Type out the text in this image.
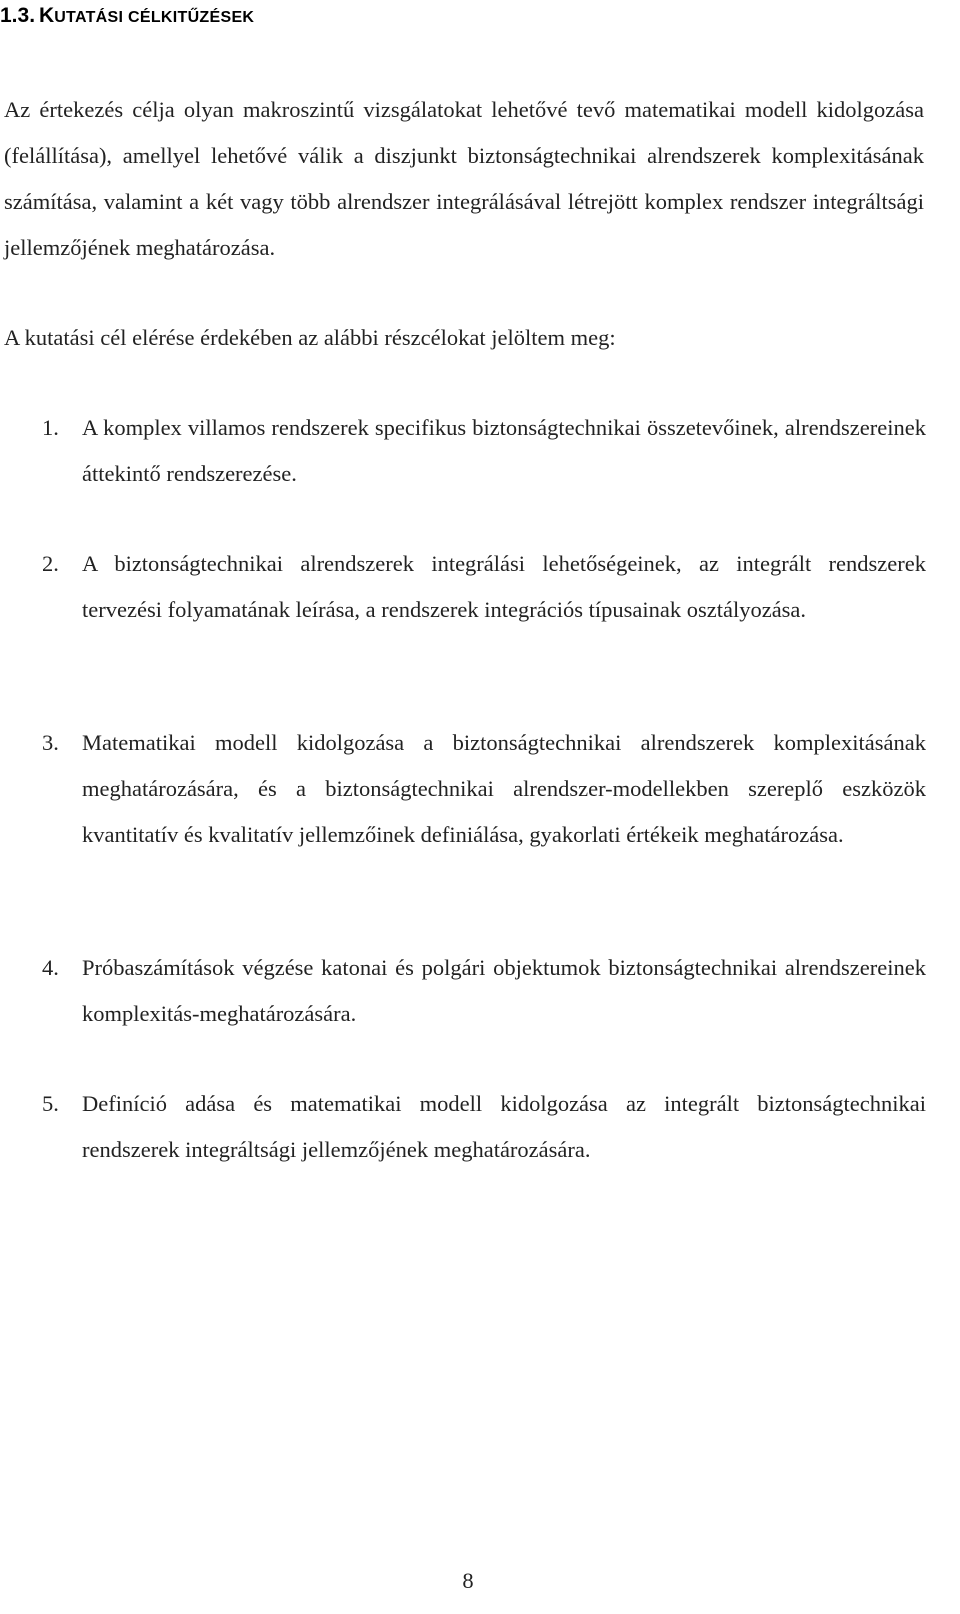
1.3. KUTATÁSI CÉLKITŰZÉSEK

Az értekezés célja olyan makroszintű vizsgálatokat lehetővé tevő matematikai modell kidolgozása (felállítása), amellyel lehetővé válik a diszjunkt biztonságtechnikai alrendszerek komplexitásának számítása, valamint a két vagy több alrendszer integrálásával létrejött komplex rendszer integráltsági jellemzőjének meghatározása.

A kutatási cél elérése érdekében az alábbi részcélokat jelöltem meg:

1.	A komplex villamos rendszerek specifikus biztonságtechnikai összetevőinek, alrendszereinek áttekintő rendszerezése.
2.	A biztonságtechnikai alrendszerek integrálási lehetőségeinek, az integrált rendszerek tervezési folyamatának leírása, a rendszerek integrációs típusainak osztályozása.
3.	Matematikai modell kidolgozása a biztonságtechnikai alrendszerek komplexitásának meghatározására, és a biztonságtechnikai alrendszer-modellekben szereplő eszközök kvantitatív és kvalitatív jellemzőinek definiálása, gyakorlati értékeik meghatározása.
4.	Próbaszámítások végzése katonai és polgári objektumok biztonságtechnikai alrendszereinek komplexitás-meghatározására.
5.	Definíció adása és matematikai modell kidolgozása az integrált biztonságtechnikai rendszerek integráltsági jellemzőjének meghatározására.
8
